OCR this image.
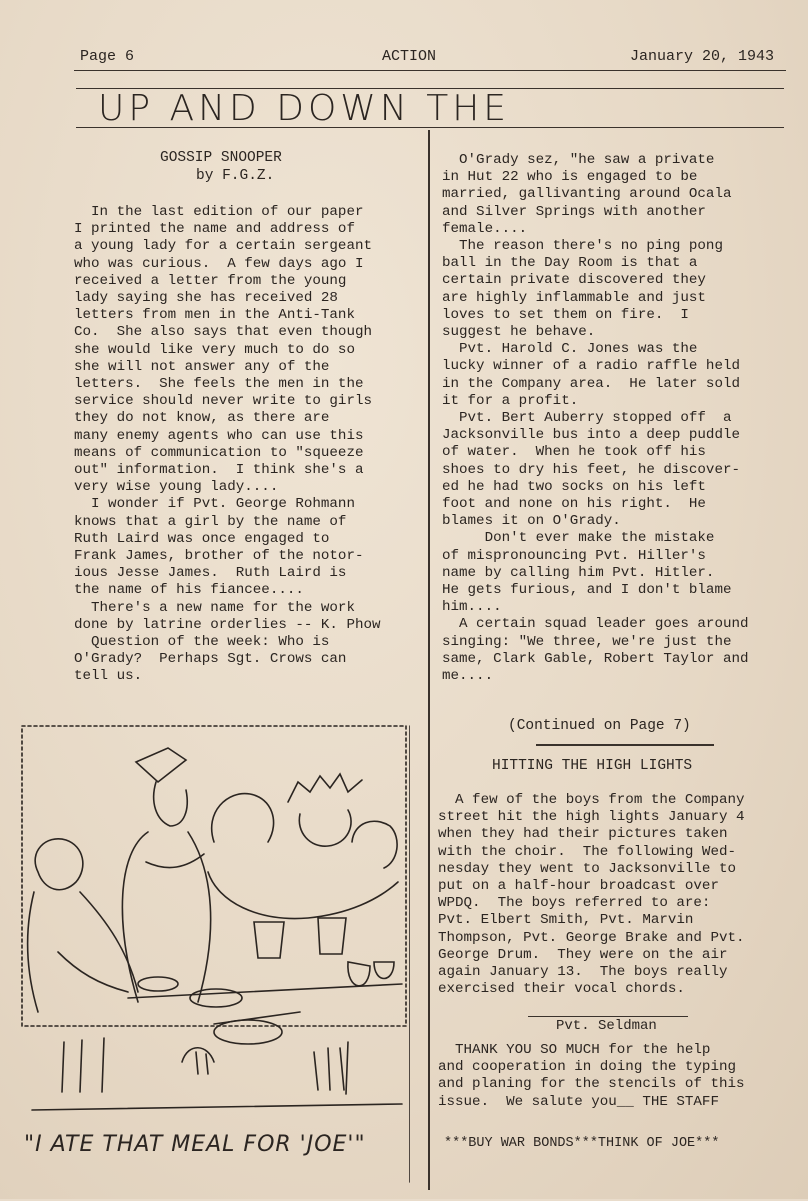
Page 6	ACTION	January 20, 1943
UP AND DOWN THE
GOSSIP SNOOPER
by F.G.Z.

In the last edition of our paper

I printed the name and address of

a young lady for a certain sergeant

who was curious.  A few days ago I

received a letter from the young

lady saying she has received 28

letters from men in the Anti-Tank

Co.  She also says that even though

she would like very much to do so

she will not answer any of the

letters.  She feels the men in the

service should never write to girls

they do not know, as there are

many enemy agents who can use this

means of communication to "squeeze

out" information.  I think she's a

very wise young lady....

I wonder if Pvt. George Rohmann

knows that a girl by the name of

Ruth Laird was once engaged to

Frank James, brother of the notor-

ious Jesse James.  Ruth Laird is

the name of his fiancee....

There's a new name for the work

done by latrine orderlies -- K. Phow

Question of the week: Who is

O'Grady?  Perhaps Sgt. Crows can

tell us.

"I ATE THAT MEAL FOR 'JOE'"

O'Grady sez, "he saw a private

in Hut 22 who is engaged to be

married, gallivanting around Ocala

and Silver Springs with another

female....

The reason there's no ping pong

ball in the Day Room is that a

certain private discovered they

are highly inflammable and just

loves to set them on fire.  I

suggest he behave.

Pvt. Harold C. Jones was the

lucky winner of a radio raffle held

in the Company area.  He later sold

it for a profit.

Pvt. Bert Auberry stopped off  a

Jacksonville bus into a deep puddle

of water.  When he took off his

shoes to dry his feet, he discover-

ed he had two socks on his left

foot and none on his right.  He

blames it on O'Grady.

Don't ever make the mistake

of mispronouncing Pvt. Hiller's

name by calling him Pvt. Hitler.

He gets furious, and I don't blame

him....

A certain squad leader goes around

singing: "We three, we're just the

same, Clark Gable, Robert Taylor and

me....

(Continued on Page 7)
HITTING THE HIGH LIGHTS

A few of the boys from the Company

street hit the high lights January 4

when they had their pictures taken

with the choir.  The following Wed-

nesday they went to Jacksonville to

put on a half-hour broadcast over

WPDQ.  The boys referred to are:

Pvt. Elbert Smith, Pvt. Marvin

Thompson, Pvt. George Brake and Pvt.

George Drum.  They were on the air

again January 13.  The boys really

exercised their vocal chords.

Pvt. Seldman

THANK YOU SO MUCH for the help

and cooperation in doing the typing

and planing for the stencils of this

issue.  We salute you__ THE STAFF

***BUY WAR BONDS***THINK OF JOE***
